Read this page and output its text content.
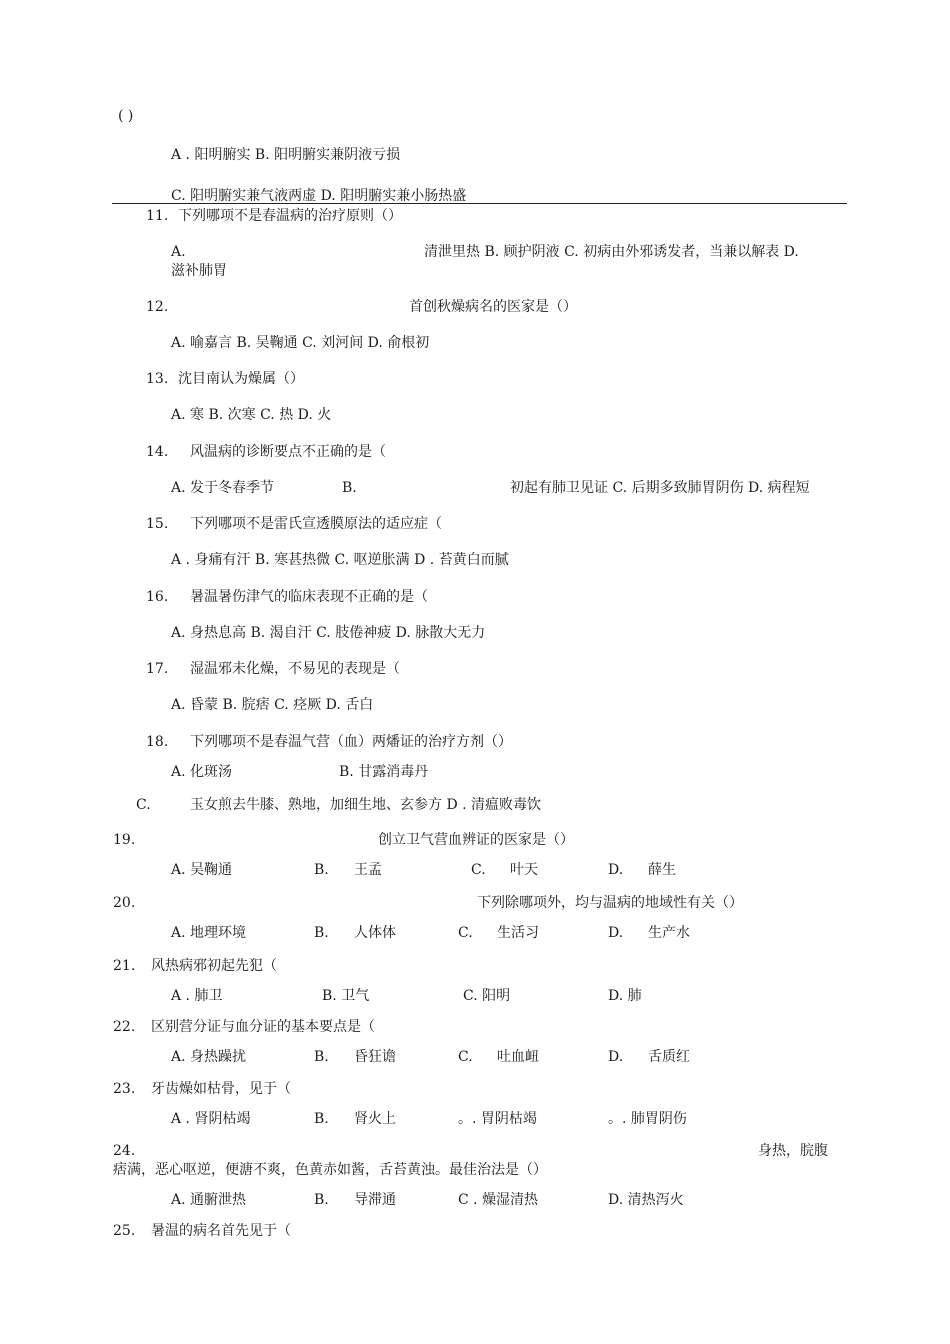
( )
A . 阳明腑实 B. 阳明腑实兼阴液亏损
C. 阳明腑实兼气液两虚 D. 阳明腑实兼小肠热盛
11. 下列哪项不是春温病的治疗原则（）
A.	清泄里热 B. 顾护阴液 C. 初病由外邪诱发者，当兼以解表 D.
滋补肺胃
12.	首创秋燥病名的医家是（）
A. 喻嘉言 B. 吴鞠通 C. 刘河间 D. 俞根初
13. 沈目南认为燥属（）
A. 寒 B. 次寒 C. 热 D. 火
14. 风温病的诊断要点不正确的是（
A. 发于冬春季节	B.	初起有肺卫见证 C. 后期多致肺胃阴伤 D. 病程短
15. 下列哪项不是雷氏宣透膜原法的适应症（
A . 身痛有汗 B. 寒甚热微 C. 呕逆胀满 D . 苔黄白而腻
16. 暑温暑伤津气的临床表现不正确的是（
A. 身热息高 B. 渴自汗 C. 肢倦神疲 D. 脉散大无力
17. 湿温邪未化燥，不易见的表现是（
A. 昏蒙 B. 脘痞 C. 痉厥 D. 舌白
18. 下列哪项不是春温气营（血）两燔证的治疗方剂（）
A. 化斑汤	B. 甘露消毒丹
C.	玉女煎去牛膝、熟地，加细生地、玄参方 D . 清瘟败毒饮
19.	创立卫气营血辨证的医家是（）
A. 吴鞠通	B. 王孟	C. 叶天	D. 薛生
20.	下列除哪项外，均与温病的地域性有关（）
A. 地理环境	B. 人体体	C. 生活习	D. 生产水
21. 风热病邪初起先犯（
A . 肺卫	B. 卫气	C. 阳明	D. 肺
22. 区别营分证与血分证的基本要点是（
A. 身热躁扰	B. 昏狂谵	C. 吐血衄	D. 舌质红
23. 牙齿燥如枯骨，见于（
A . 肾阴枯竭	B. 肾火上	。. 胃阴枯竭	。. 肺胃阴伤
24.	身热，脘腹
痞满，恶心呕逆，便溏不爽，色黄赤如酱，舌苔黄浊。最佳治法是（）
A. 通腑泄热	B. 导滞通	C . 燥湿清热	D. 清热泻火
25. 暑温的病名首先见于（
